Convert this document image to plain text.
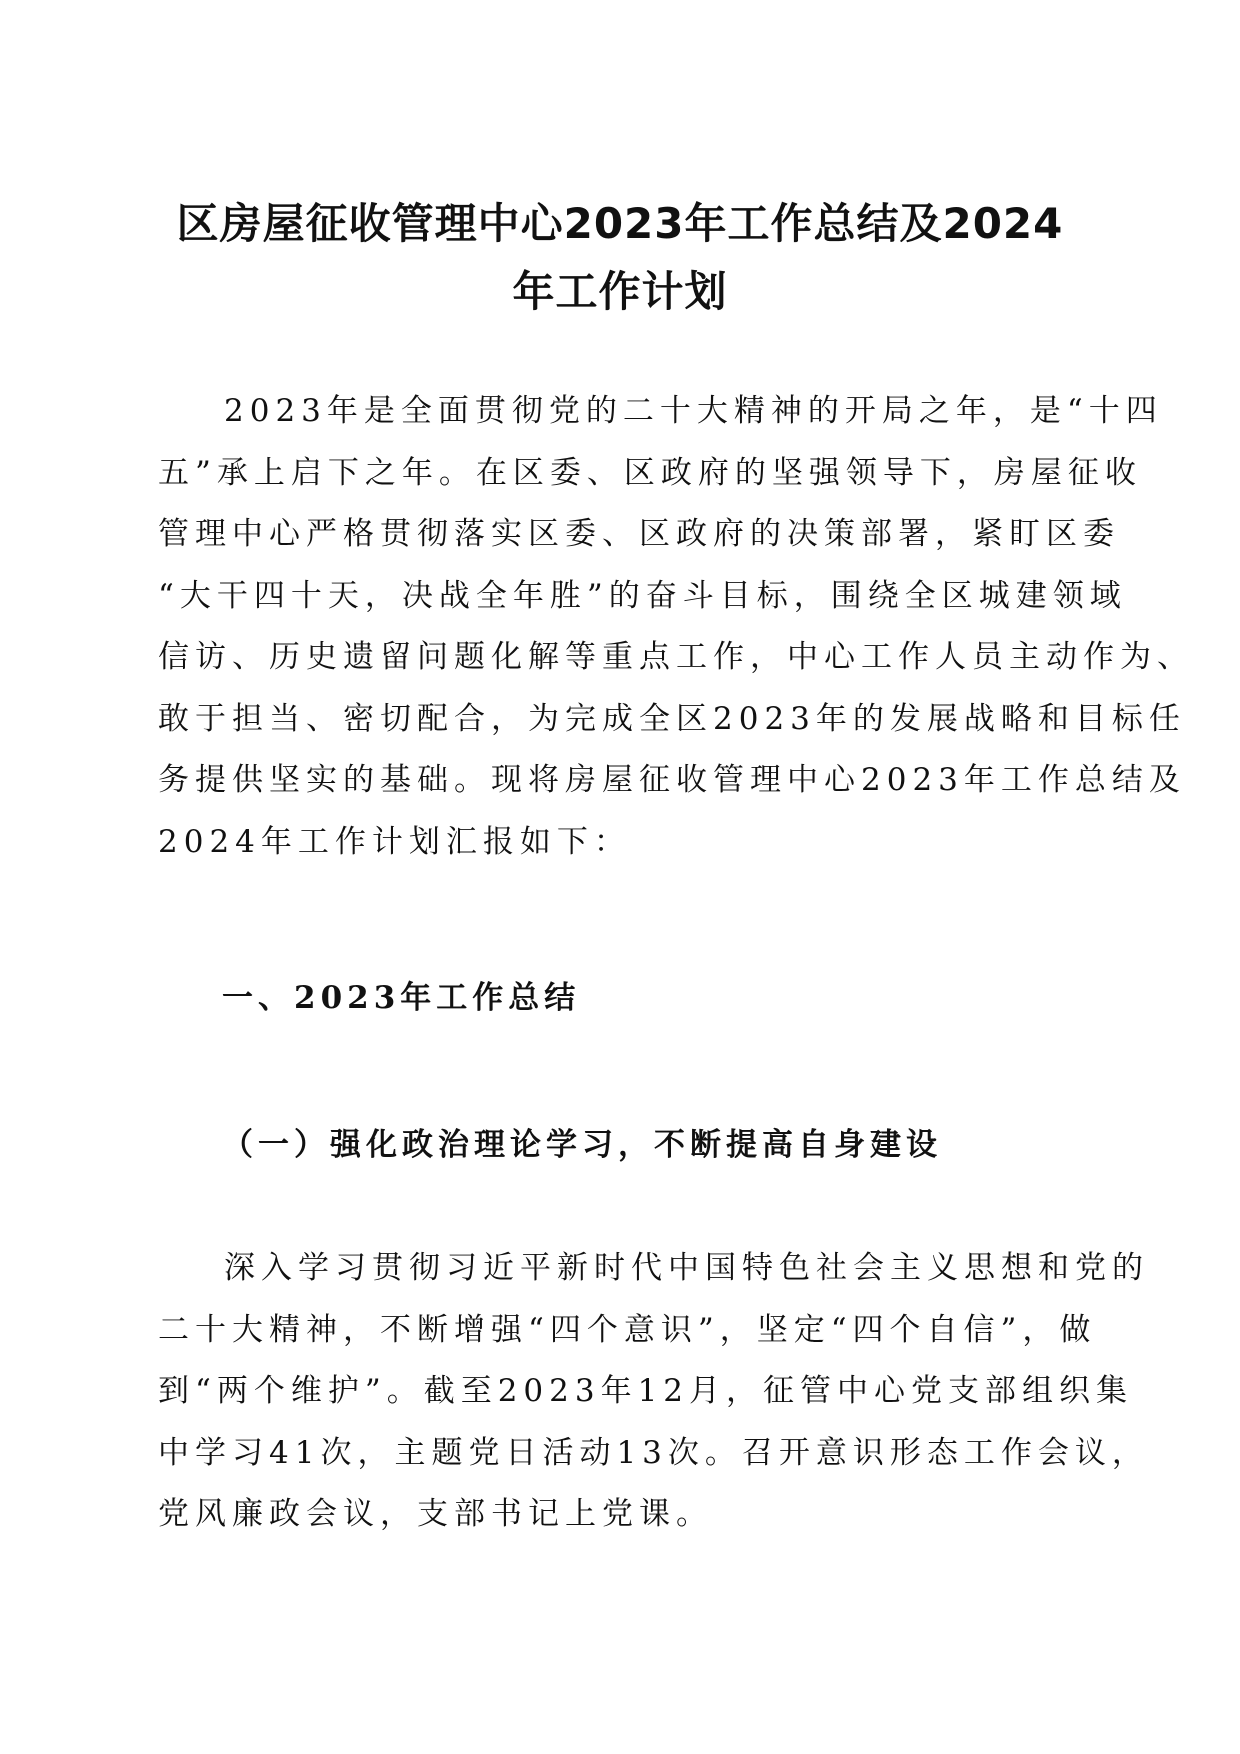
区房屋征收管理中心2023年工作总结及2024
年工作计划
2023年是全面贯彻党的二十大精神的开局之年，是“十四
五”承上启下之年。在区委、区政府的坚强领导下，房屋征收
管理中心严格贯彻落实区委、区政府的决策部署，紧盯区委
“大干四十天，决战全年胜”的奋斗目标，围绕全区城建领域
信访、历史遗留问题化解等重点工作，中心工作人员主动作为、
敢于担当、密切配合，为完成全区2023年的发展战略和目标任
务提供坚实的基础。现将房屋征收管理中心2023年工作总结及
2024年工作计划汇报如下：
一、2023年工作总结
（一）强化政治理论学习，不断提高自身建设
深入学习贯彻习近平新时代中国特色社会主义思想和党的
二十大精神，不断增强“四个意识”，坚定“四个自信”，做
到“两个维护”。截至2023年12月，征管中心党支部组织集
中学习41次，主题党日活动13次。召开意识形态工作会议，
党风廉政会议，支部书记上党课。
